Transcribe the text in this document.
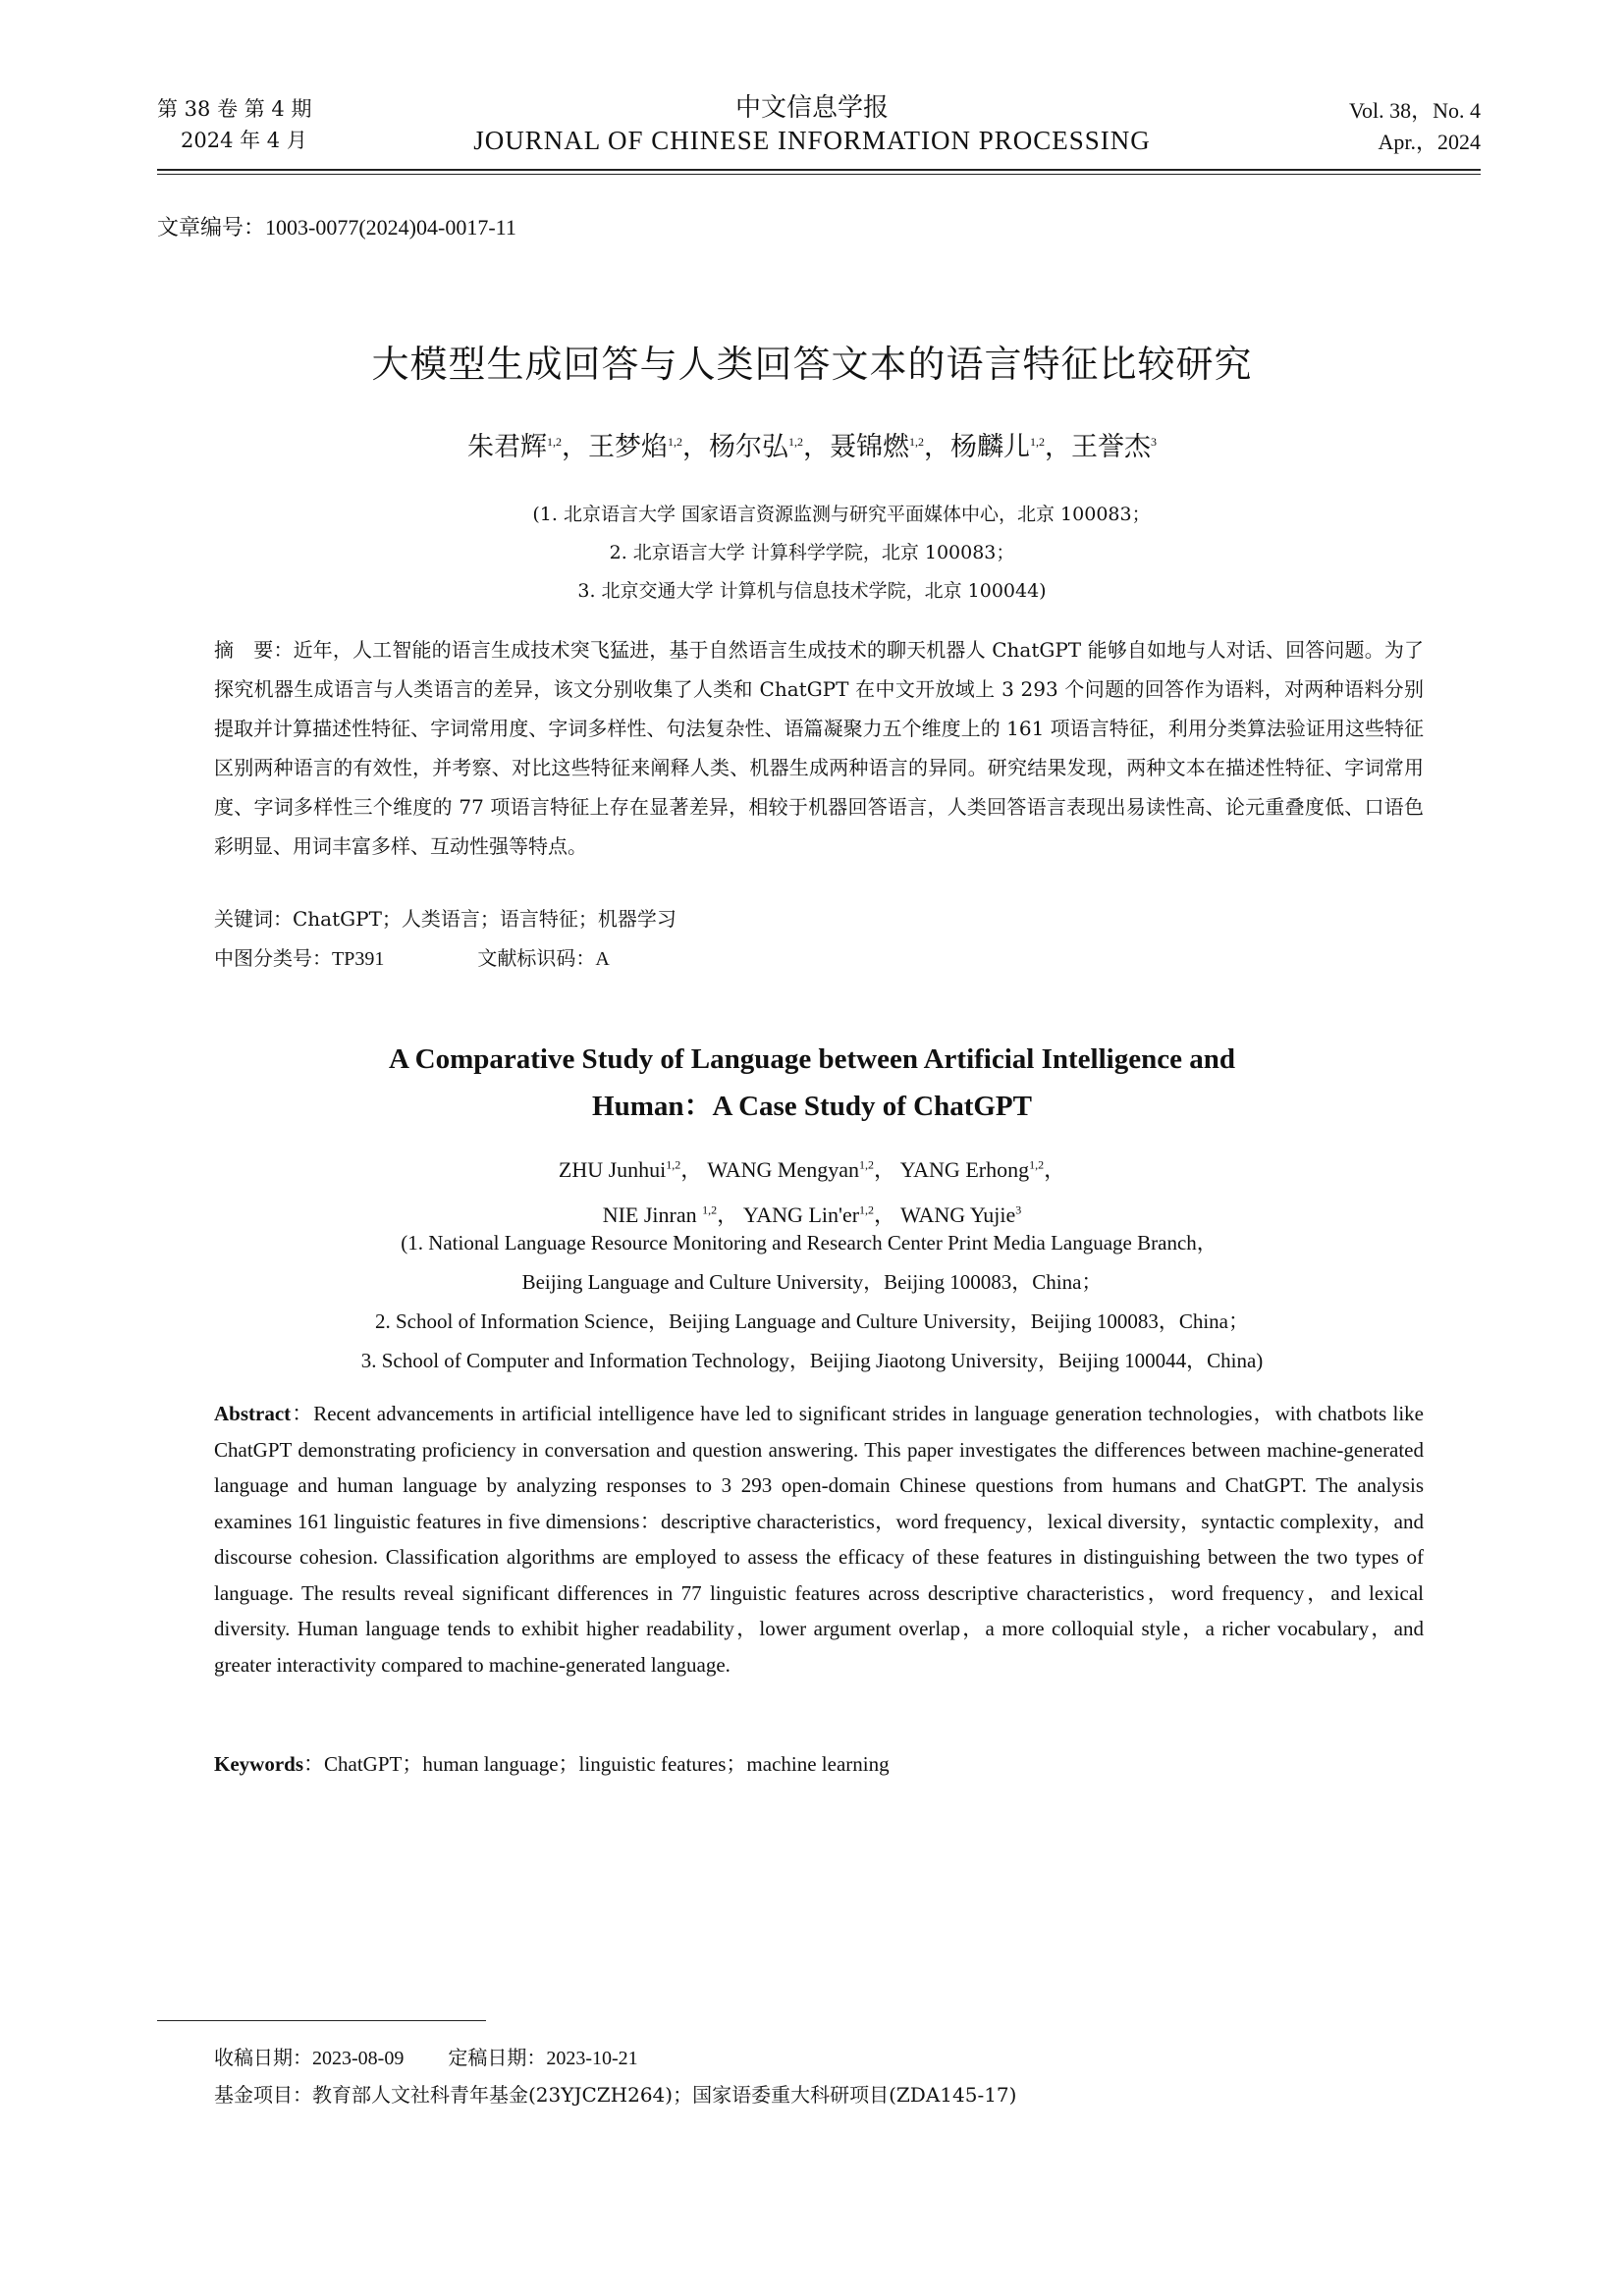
第 38 卷 第 4 期
2024 年 4 月
中文信息学报
JOURNAL OF CHINESE INFORMATION PROCESSING
Vol. 38，No. 4
Apr.，2024
文章编号：1003-0077(2024)04-0017-11
大模型生成回答与人类回答文本的语言特征比较研究
朱君辉$^{1,2}$，王梦焰$^{1,2}$，杨尔弘$^{1,2}$，聂锦燃$^{1,2}$，杨麟儿$^{1,2}$，王誉杰$^3$
(1. 北京语言大学 国家语言资源监测与研究平面媒体中心，北京 100083；
2. 北京语言大学 计算科学学院，北京 100083；
3. 北京交通大学 计算机与信息技术学院，北京 100044)
摘　要：近年，人工智能的语言生成技术突飞猛进，基于自然语言生成技术的聊天机器人 ChatGPT 能够自如地与人对话、回答问题。为了探究机器生成语言与人类语言的差异，该文分别收集了人类和 ChatGPT 在中文开放域上 3 293 个问题的回答作为语料，对两种语料分别提取并计算描述性特征、字词常用度、字词多样性、句法复杂性、语篇凝聚力五个维度上的 161 项语言特征，利用分类算法验证用这些特征区别两种语言的有效性，并考察、对比这些特征来阐释人类、机器生成两种语言的异同。研究结果发现，两种文本在描述性特征、字词常用度、字词多样性三个维度的 77 项语言特征上存在显著差异，相较于机器回答语言，人类回答语言表现出易读性高、论元重叠度低、口语色彩明显、用词丰富多样、互动性强等特点。
关键词：ChatGPT；人类语言；语言特征；机器学习
中图分类号：TP391	文献标识码：A
A Comparative Study of Language between Artificial Intelligence and
Human：A Case Study of ChatGPT
ZHU Junhui$^{1,2}$， WANG Mengyan$^{1,2}$， YANG Erhong$^{1,2}$，
NIE Jinran $^{1,2}$， YANG Lin'er$^{1,2}$， WANG Yujie$^3$
(1. National Language Resource Monitoring and Research Center Print Media Language Branch，
Beijing Language and Culture University，Beijing 100083，China；
2. School of Information Science，Beijing Language and Culture University，Beijing 100083，China；
3. School of Computer and Information Technology，Beijing Jiaotong University，Beijing 100044，China)
Abstract：Recent advancements in artificial intelligence have led to significant strides in language generation technologies，with chatbots like ChatGPT demonstrating proficiency in conversation and question answering. This paper investigates the differences between machine-generated language and human language by analyzing responses to 3 293 open-domain Chinese questions from humans and ChatGPT. The analysis examines 161 linguistic features in five dimensions：descriptive characteristics，word frequency，lexical diversity，syntactic complexity，and discourse cohesion. Classification algorithms are employed to assess the efficacy of these features in distinguishing between the two types of language. The results reveal significant differences in 77 linguistic features across descriptive characteristics，word frequency，and lexical diversity. Human language tends to exhibit higher readability，lower argument overlap，a more colloquial style，a richer vocabulary，and greater interactivity compared to machine-generated language.
Keywords：ChatGPT；human language；linguistic features；machine learning
收稿日期：2023-08-09 定稿日期：2023-10-21
基金项目：教育部人文社科青年基金(23YJCZH264)；国家语委重大科研项目(ZDA145-17)
